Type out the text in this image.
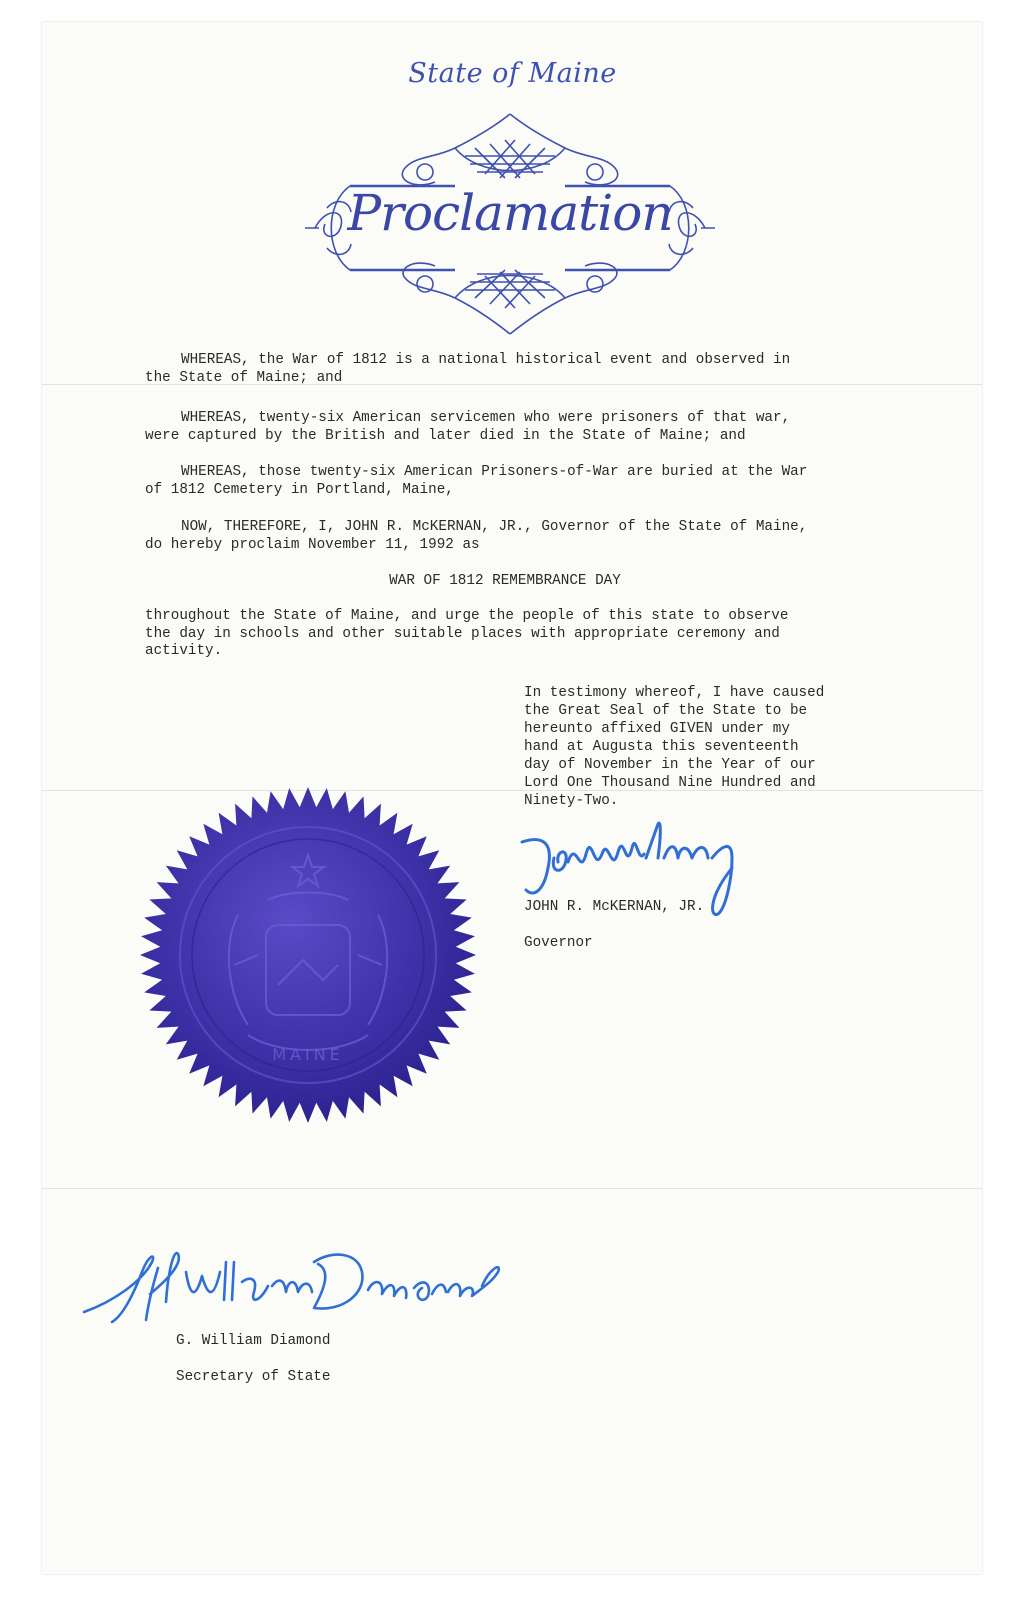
State of Maine
Proclamation

WHEREAS, the War of 1812 is a national historical event and observed in
the State of Maine; and

WHEREAS, twenty-six American servicemen who were prisoners of that war,
were captured by the British and later died in the State of Maine; and

WHEREAS, those twenty-six American Prisoners-of-War are buried at the War
of 1812 Cemetery in Portland, Maine,

NOW, THEREFORE, I, JOHN R. McKERNAN, JR., Governor of the State of Maine,
do hereby proclaim November 11, 1992 as

WAR OF 1812 REMEMBRANCE DAY

throughout the State of Maine, and urge the people of this state to observe
the day in schools and other suitable places with appropriate ceremony and
activity.

In testimony whereof, I have caused
the Great Seal of the State to be
hereunto affixed GIVEN under my
hand at Augusta this seventeenth
day of November in the Year of our
Lord One Thousand Nine Hundred and
Ninety-Two.

JOHN R. McKERNAN, JR.

Governor

MAINE

G. William Diamond

Secretary of State
